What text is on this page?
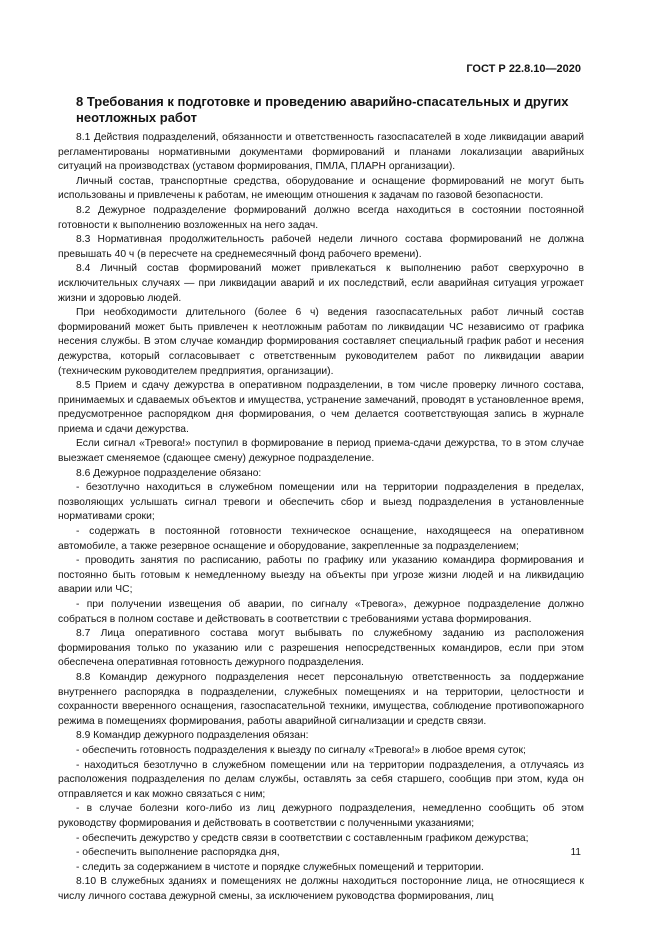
ГОСТ Р 22.8.10—2020
8 Требования к подготовке и проведению аварийно-спасательных и других неотложных работ

8.1 Действия подразделений, обязанности и ответственность газоспасателей в ходе ликвидации аварий регламентированы нормативными документами формирований и планами локализации аварийных ситуаций на производствах (уставом формирования, ПМЛА, ПЛАРН организации).

Личный состав, транспортные средства, оборудование и оснащение формирований не могут быть использованы и привлечены к работам, не имеющим отношения к задачам по газовой безопасности.

8.2 Дежурное подразделение формирований должно всегда находиться в состоянии постоянной готовности к выполнению возложенных на него задач.

8.3 Нормативная продолжительность рабочей недели личного состава формирований не должна превышать 40 ч (в пересчете на среднемесячный фонд рабочего времени).

8.4 Личный состав формирований может привлекаться к выполнению работ сверхурочно в исключительных случаях — при ликвидации аварий и их последствий, если аварийная ситуация угрожает жизни и здоровью людей.

При необходимости длительного (более 6 ч) ведения газоспасательных работ личный состав формирований может быть привлечен к неотложным работам по ликвидации ЧС независимо от графика несения службы. В этом случае командир формирования составляет специальный график работ и несения дежурства, который согласовывает с ответственным руководителем работ по ликвидации аварии (техническим руководителем предприятия, организации).

8.5 Прием и сдачу дежурства в оперативном подразделении, в том числе проверку личного состава, принимаемых и сдаваемых объектов и имущества, устранение замечаний, проводят в установленное время, предусмотренное распорядком дня формирования, о чем делается соответствующая запись в журнале приема и сдачи дежурства.

Если сигнал «Тревога!» поступил в формирование в период приема-сдачи дежурства, то в этом случае выезжает сменяемое (сдающее смену) дежурное подразделение.

8.6 Дежурное подразделение обязано:

- безотлучно находиться в служебном помещении или на территории подразделения в пределах, позволяющих услышать сигнал тревоги и обеспечить сбор и выезд подразделения в установленные нормативами сроки;

- содержать в постоянной готовности техническое оснащение, находящееся на оперативном автомобиле, а также резервное оснащение и оборудование, закрепленные за подразделением;

- проводить занятия по расписанию, работы по графику или указанию командира формирования и постоянно быть готовым к немедленному выезду на объекты при угрозе жизни людей и на ликвидацию аварии или ЧС;

- при получении извещения об аварии, по сигналу «Тревога», дежурное подразделение должно собраться в полном составе и действовать в соответствии с требованиями устава формирования.

8.7 Лица оперативного состава могут выбывать по служебному заданию из расположения формирования только по указанию или с разрешения непосредственных командиров, если при этом обеспечена оперативная готовность дежурного подразделения.

8.8 Командир дежурного подразделения несет персональную ответственность за поддержание внутреннего распорядка в подразделении, служебных помещениях и на территории, целостности и сохранности вверенного оснащения, газоспасательной техники, имущества, соблюдение противопожарного режима в помещениях формирования, работы аварийной сигнализации и средств связи.

8.9 Командир дежурного подразделения обязан:

- обеспечить готовность подразделения к выезду по сигналу «Тревога!» в любое время суток;

- находиться безотлучно в служебном помещении или на территории подразделения, а отлучаясь из расположения подразделения по делам службы, оставлять за себя старшего, сообщив при этом, куда он отправляется и как можно связаться с ним;

- в случае болезни кого-либо из лиц дежурного подразделения, немедленно сообщить об этом руководству формирования и действовать в соответствии с полученными указаниями;

- обеспечить дежурство у средств связи в соответствии с составленным графиком дежурства;

- обеспечить выполнение распорядка дня,

- следить за содержанием в чистоте и порядке служебных помещений и территории.

8.10 В служебных зданиях и помещениях не должны находиться посторонние лица, не относящиеся к числу личного состава дежурной смены, за исключением руководства формирования, лиц

11
